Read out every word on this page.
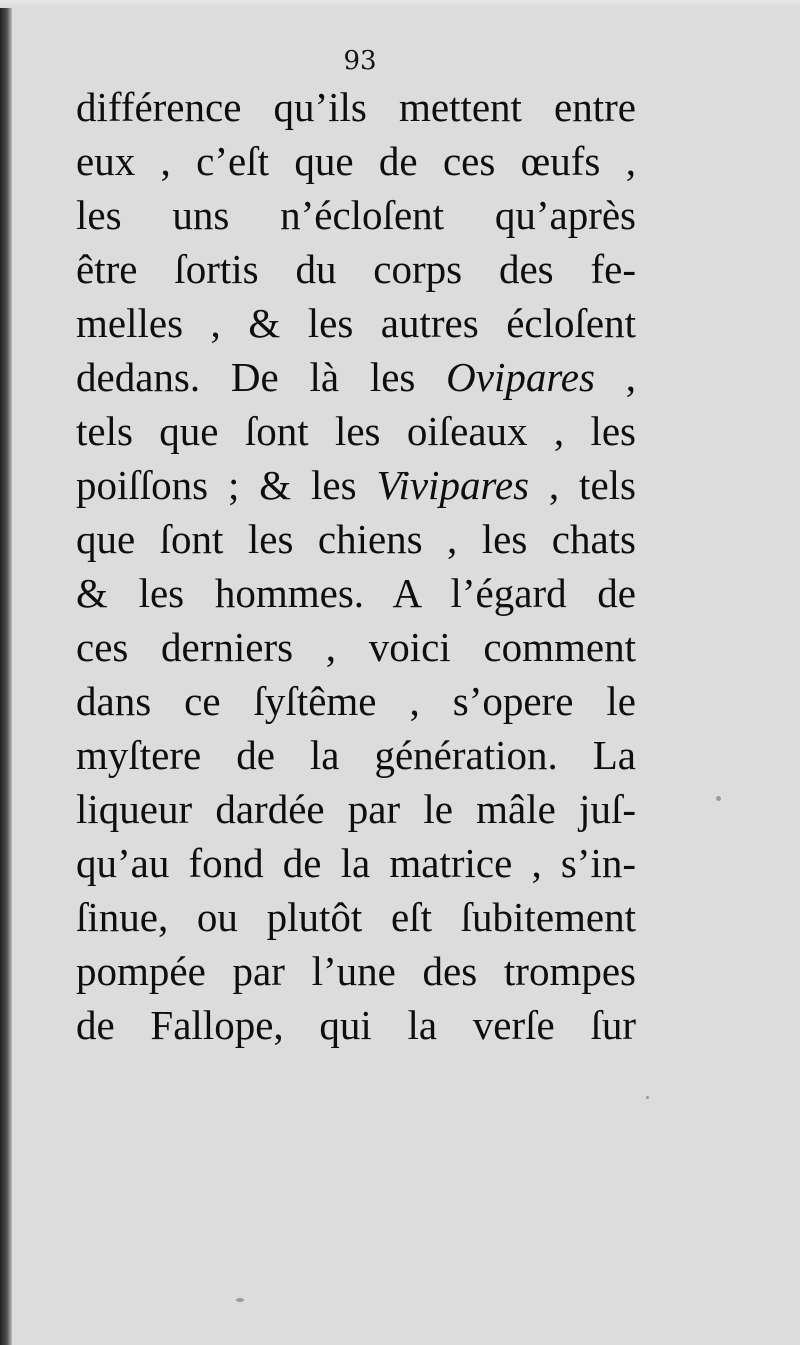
93
différence qu’ils mettent entre
eux , c’eſt que de ces œufs ,
les uns n’écloſent qu’après
être ſortis du corps des fe-
melles , & les autres écloſent
dedans. De là les Ovipares ,
tels que ſont les oiſeaux , les
poiſſons ; & les Vivipares , tels
que ſont les chiens , les chats
& les hommes. A l’égard de
ces derniers , voici comment
dans ce ſyſtême , s’opere le
myſtere de la génération. La
liqueur dardée par le mâle juſ-
qu’au fond de la matrice , s’in-
ſinue, ou plutôt eſt ſubitement
pompée par l’une des trompes
de Fallope, qui la verſe ſur
